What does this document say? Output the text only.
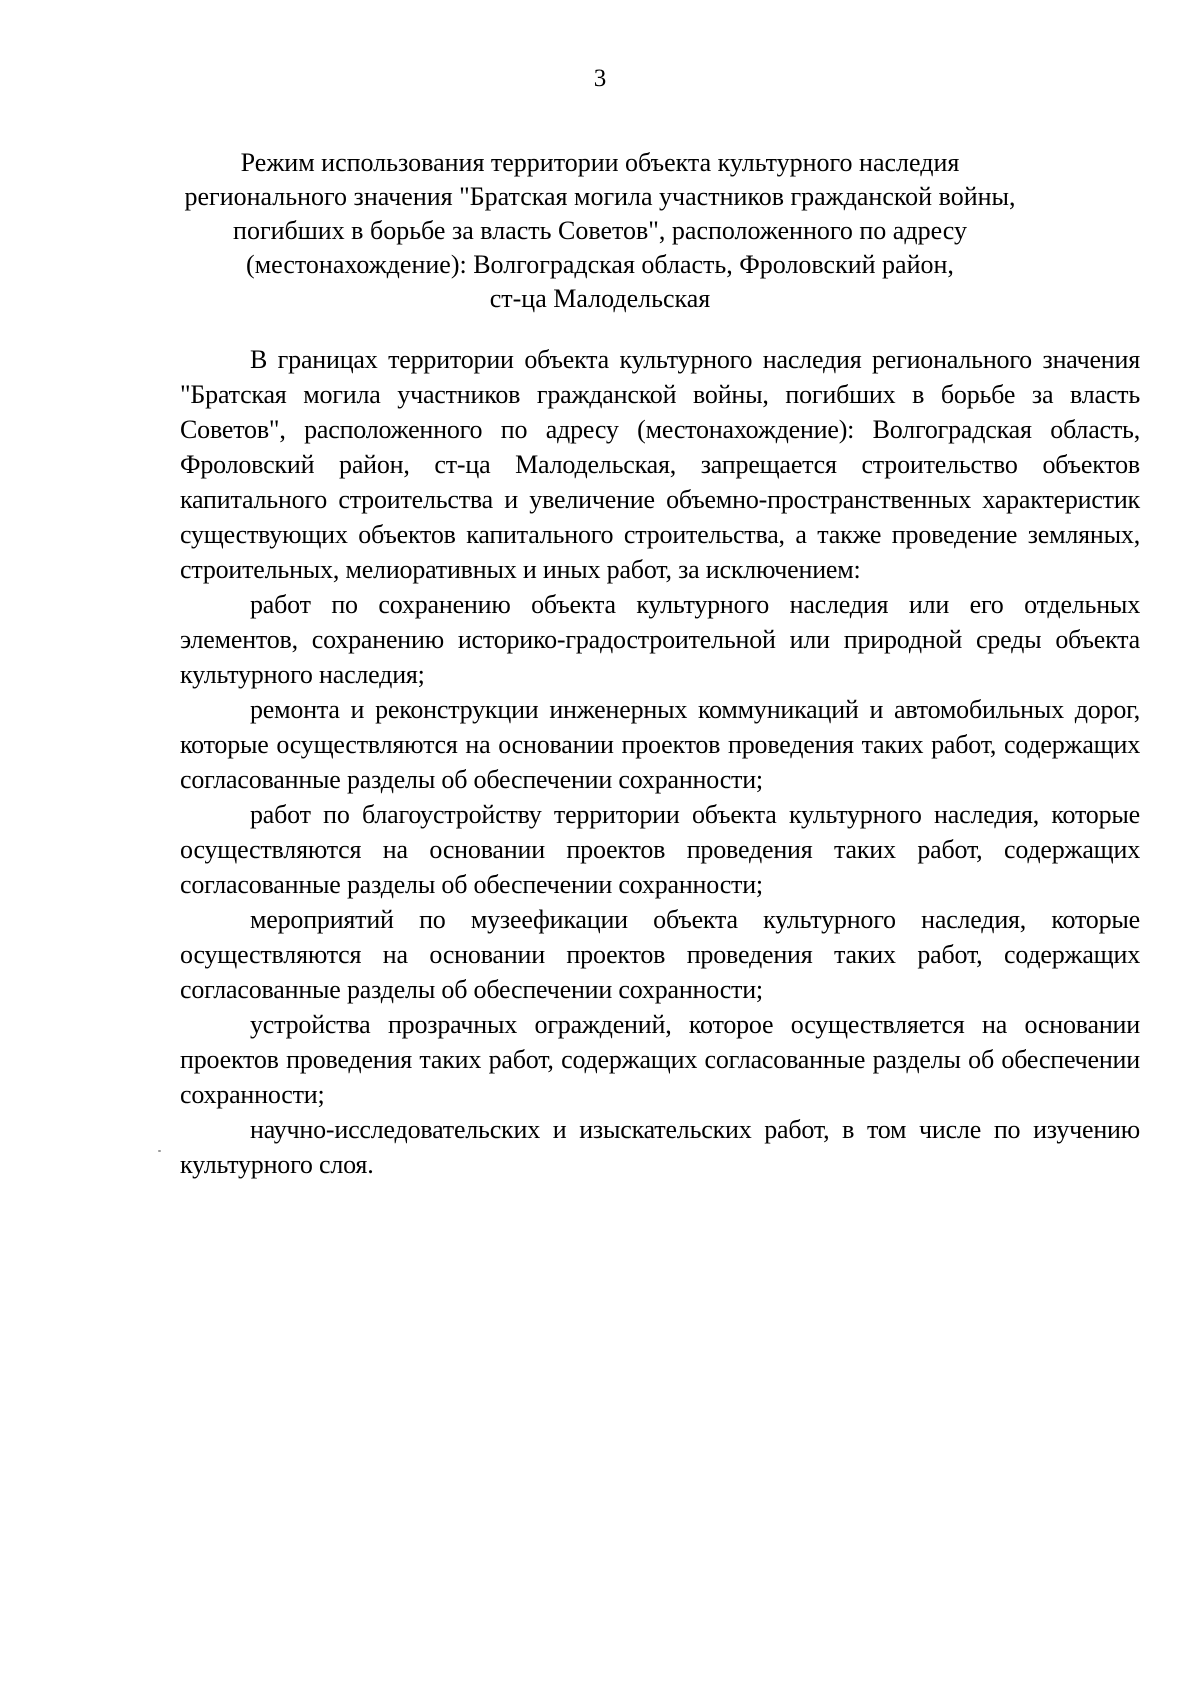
3
Режим использования территории объекта культурного наследия
регионального значения "Братская могила участников гражданской войны,
погибших в борьбе за власть Советов", расположенного по адресу
(местонахождение): Волгоградская область, Фроловский район,
ст-ца Малодельская

В границах территории объекта культурного наследия регионального значения "Братская могила участников гражданской войны, погибших в борьбе за власть Советов", расположенного по адресу (местонахождение): Волгоградская область, Фроловский район, ст-ца Малодельская, запрещается строительство объектов капитального строительства и увеличение объемно-пространственных характеристик существующих объектов капитального строительства, а также проведение земляных, строительных, мелиоративных и иных работ, за исключением:

работ по сохранению объекта культурного наследия или его отдельных элементов, сохранению историко-градостроительной или природной среды объекта культурного наследия;

ремонта и реконструкции инженерных коммуникаций и автомобильных дорог, которые осуществляются на основании проектов проведения таких работ, содержащих согласованные разделы об обеспечении сохранности;

работ по благоустройству территории объекта культурного наследия, которые осуществляются на основании проектов проведения таких работ, содержащих согласованные разделы об обеспечении сохранности;

мероприятий по музеефикации объекта культурного наследия, которые осуществляются на основании проектов проведения таких работ, содержащих согласованные разделы об обеспечении сохранности;

устройства прозрачных ограждений, которое осуществляется на основании проектов проведения таких работ, содержащих согласованные разделы об обеспечении сохранности;

научно-исследовательских и изыскательских работ, в том числе по изучению культурного слоя.
